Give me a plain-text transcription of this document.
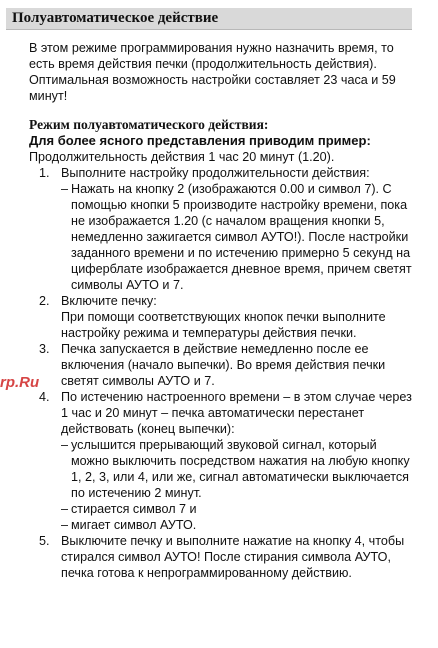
Полуавтоматическое действие
rp.Ru

В этом режиме программирования нужно назначить время, то есть время действия печки (продолжительность действия).

Оптимальная возможность настройки составляет 23 часа и 59 минут!

Режим полуавтоматического действия:

Для более ясного представления приводим пример:

Продолжительность действия 1 час 20 минут (1.20).

1. Выполните настройку продолжительности действия:
– Нажать на кнопку 2 (изображаются 0.00 и символ 7). С помощью кнопки 5 производите настройку времени, пока не изображается 1.20 (с началом вращения кнопки 5, немедленно зажигается символ АУТО!). После настройки заданного времени и по истечению примерно 5 секунд на циферблате изображается дневное время, причем светят символы АУТО и 7.
2. Включите печку:
При помощи соответствующих кнопок печки выполните настройку режима и температуры действия печки.
3. Печка запускается в действие немедленно после ее включения (начало выпечки). Во время действия печки светят символы АУТО и 7.
4. По истечению настроенного времени – в этом случае через 1 час и 20 минут – печка автоматически перестанет действовать (конец выпечки):
– услышится прерывающий звуковой сигнал, который можно выключить посредством нажатия на любую кнопку 1, 2, 3, или 4, или же, сигнал автоматически выключается по истечению 2 минут.
– стирается символ 7 и
– мигает символ АУТО.
5. Выключите печку и выполните нажатие на кнопку 4, чтобы стирался символ АУТО! После стирания символа АУТО, печка готова к непрограммированному действию.
